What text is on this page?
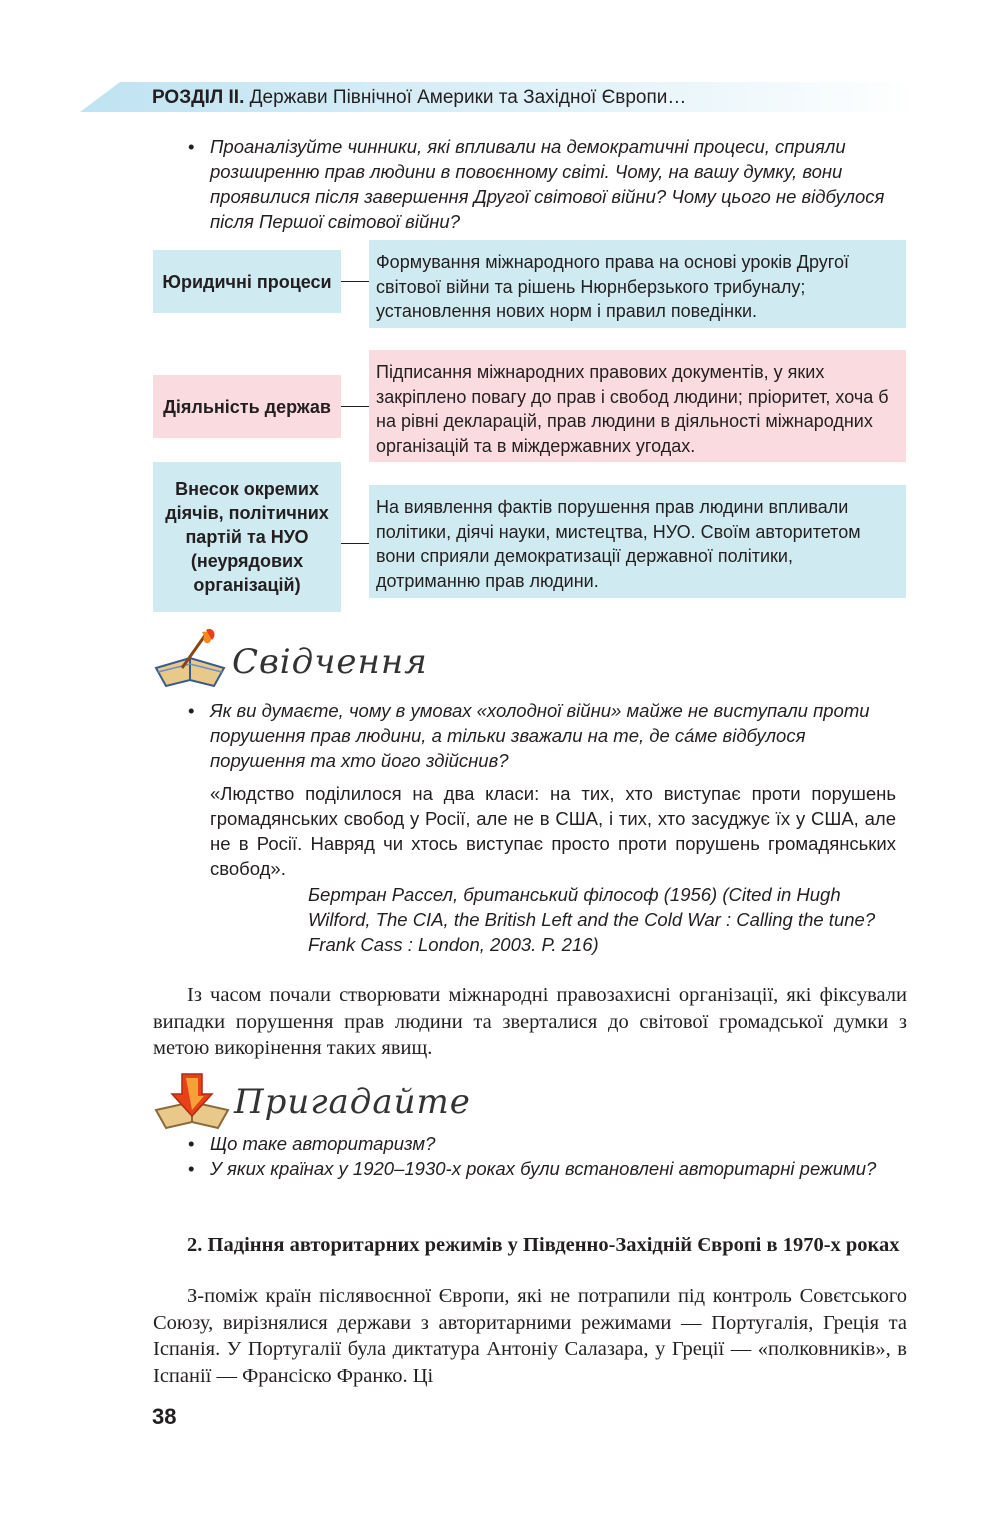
РОЗДІЛ ІІ. Держави Північної Америки та Західної Європи…
• Проаналізуйте чинники, які впливали на демократичні процеси, сприяли розширенню прав людини в повоєнному світі. Чому, на вашу думку, вони проявилися після завершення Другої світової війни? Чому цього не відбулося після Першої світової війни?
Юридичні процеси
Формування міжнародного права на основі уроків Другої світової війни та рішень Нюрнберзького трибуналу; установлення нових норм і правил поведінки.
Діяльність держав
Підписання міжнародних правових документів, у яких закріплено повагу до прав і свобод людини; пріоритет, хоча б на рівні декларацій, прав людини в діяльності міжнародних організацій та в міждержавних угодах.
Внесок окремих діячів, політичних партій та НУО (неурядових організацій)
На виявлення фактів порушення прав людини впливали політики, діячі науки, мистецтва, НУО. Своїм авторитетом вони сприяли демократизації державної політики, дотриманню прав людини.
Свідчення
• Як ви думаєте, чому в умовах «холодної війни» майже не виступали проти порушення прав людини, а тільки зважали на те, де сáме відбулося порушення та хто його здійснив?
«Людство поділилося на два класи: на тих, хто виступає проти порушень громадянських свобод у Росії, але не в США, і тих, хто засуджує їх у США, але не в Росії. Навряд чи хтось виступає просто проти порушень громадянських свобод».
Бертран Рассел, британський філософ (1956) (Cited in Hugh Wilford, The CIA, the British Left and the Cold War : Calling the tune? Frank Cass : London, 2003. P. 216)
Із часом почали створювати міжнародні правозахисні організації, які фіксували випадки порушення прав людини та зверталися до світової громадської думки з метою викорінення таких явищ.
Пригадайте
• Що таке авторитаризм?
• У яких країнах у 1920–1930-х роках були встановлені авторитарні режими?
2. Падіння авторитарних режимів у Південно-Західній Європі в 1970-х роках
З-поміж країн післявоєнної Європи, які не потрапили під контроль Совєтського Союзу, вирізнялися держави з авторитарними режимами — Португалія, Греція та Іспанія. У Португалії була диктатура Антоніу Салазара, у Греції — «полковників», в Іспанії — Франсіско Франко. Ці
38
